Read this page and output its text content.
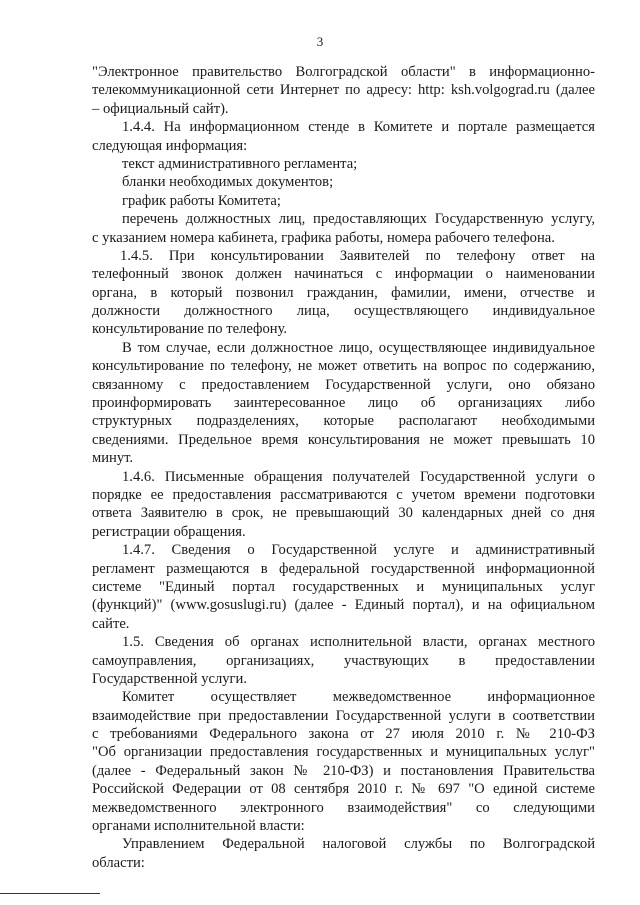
3
"Электронное правительство Волгоградской области" в информационно-
телекоммуникационной сети Интернет по адресу: http: ksh.volgograd.ru (далее
– официальный сайт).
1.4.4. На информационном стенде в Комитете и портале размещается
следующая информация:
текст административного регламента;
бланки необходимых документов;
график работы Комитета;
перечень должностных лиц, предоставляющих Государственную услугу,
с указанием номера кабинета, графика работы, номера рабочего телефона.
1.4.5. При консультировании Заявителей по телефону ответ на
телефонный звонок должен начинаться с информации о наименовании
органа, в который позвонил гражданин, фамилии, имени, отчестве и
должности должностного лица, осуществляющего индивидуальное
консультирование по телефону.
В том случае, если должностное лицо, осуществляющее индивидуальное
консультирование по телефону, не может ответить на вопрос по содержанию,
связанному с предоставлением Государственной услуги, оно обязано
проинформировать заинтересованное лицо об организациях либо
структурных подразделениях, которые располагают необходимыми
сведениями. Предельное время консультирования не может превышать 10
минут.
1.4.6. Письменные обращения получателей Государственной услуги о
порядке ее предоставления рассматриваются с учетом времени подготовки
ответа Заявителю в срок, не превышающий 30 календарных дней со дня
регистрации обращения.
1.4.7. Сведения о Государственной услуге и административный
регламент размещаются в федеральной государственной информационной
системе "Единый портал государственных и муниципальных услуг
(функций)" (www.gosuslugi.ru) (далее - Единый портал), и на официальном
сайте.
1.5. Сведения об органах исполнительной власти, органах местного
самоуправления, организациях, участвующих в предоставлении
Государственной услуги.
Комитет осуществляет межведомственное информационное
взаимодействие при предоставлении Государственной услуги в соответствии
с требованиями Федерального закона от 27 июля 2010 г. № 210-ФЗ
"Об организации предоставления государственных и муниципальных услуг"
(далее - Федеральный закон № 210-ФЗ) и постановления Правительства
Российской Федерации от 08 сентября 2010 г. № 697 "О единой системе
межведомственного электронного взаимодействия" со следующими
органами исполнительной власти:
Управлением Федеральной налоговой службы по Волгоградской
области:
